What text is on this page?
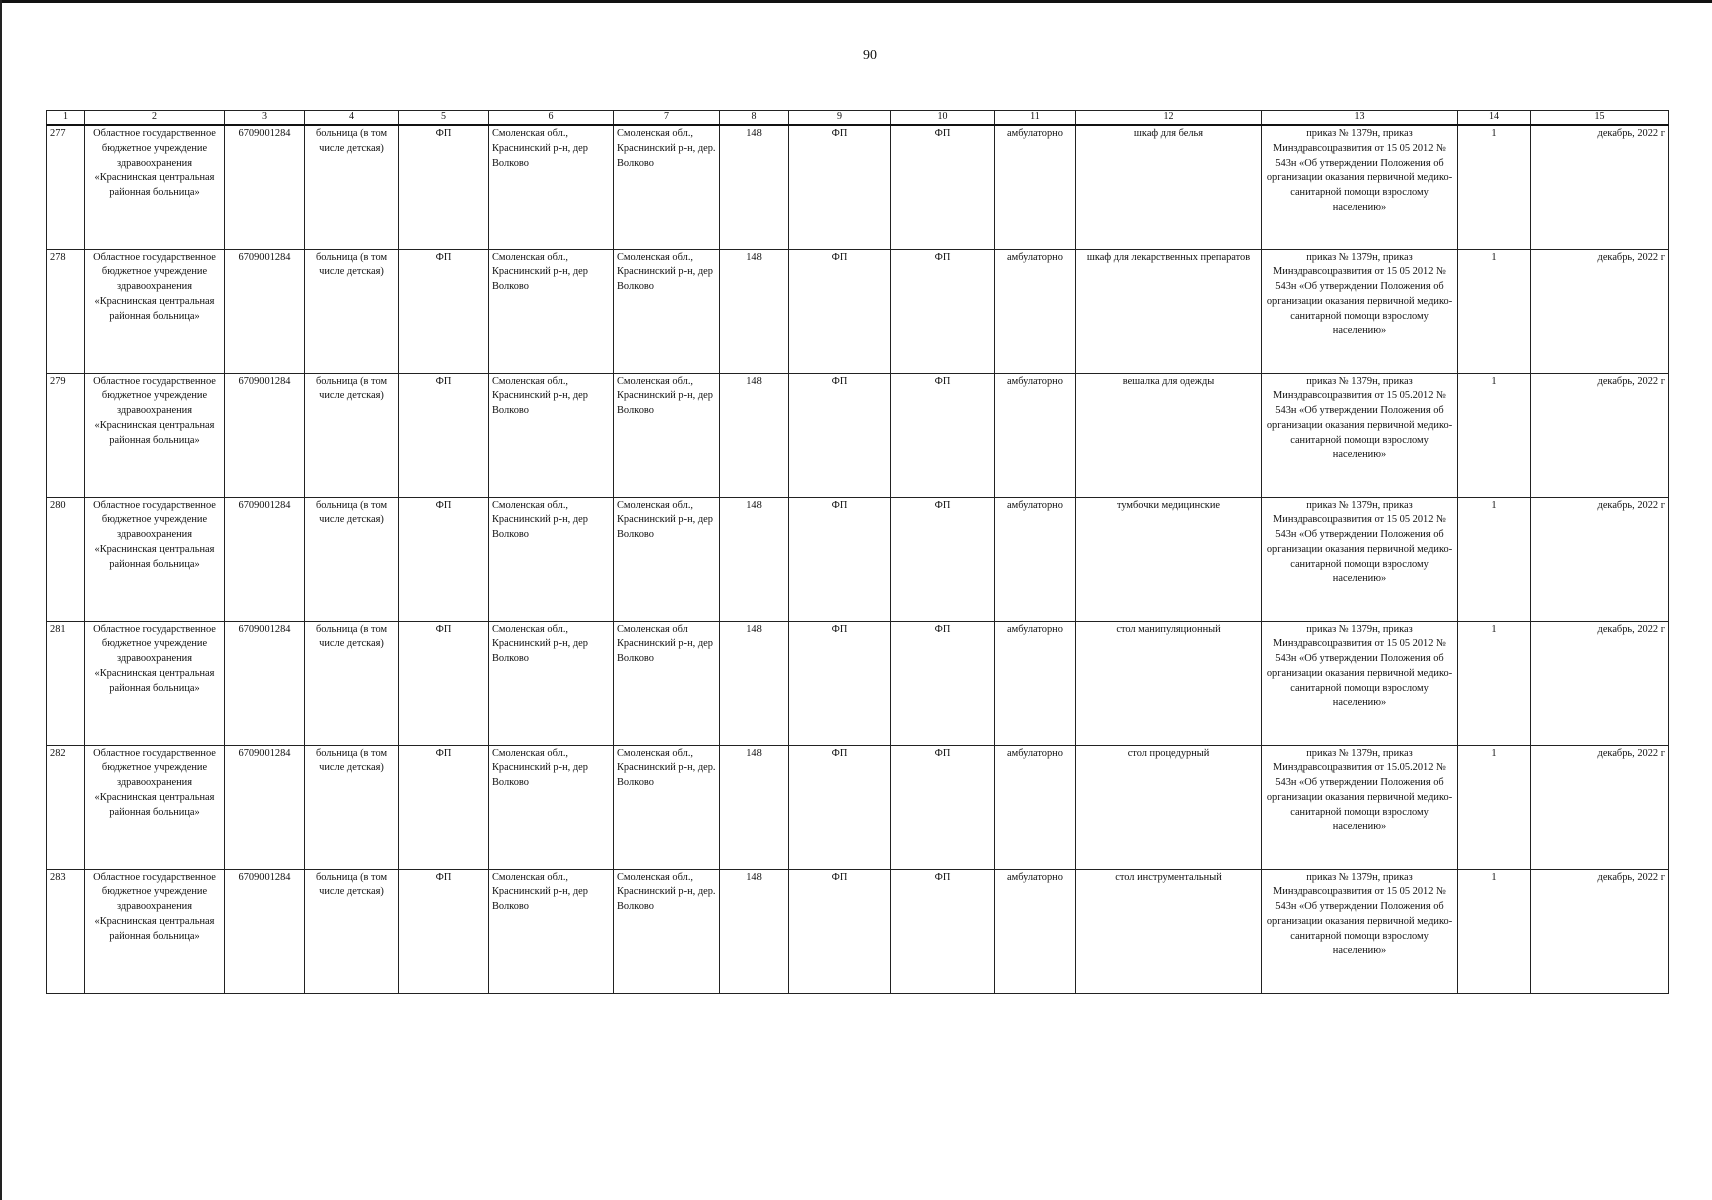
90
1	2	3	4	5	6	7	8	9	10	11	12	13	14	15
277	Областное государственное бюджетное учреждение здравоохранения «Краснинская центральная районная больница»	6709001284	больница (в том числе детская)	ФП	Смоленская обл., Краснинский р-н, дер Волково	Смоленская обл., Краснинский р-н, дер. Волково	148	ФП	ФП	амбулаторно	шкаф для белья	приказ № 1379н, приказ Минздравсоцразвития от 15 05 2012 № 543н «Об утверждении Положения об организации оказания первичной медико-санитарной помощи взрослому населению»	1	декабрь, 2022 г
278	Областное государственное бюджетное учреждение здравоохранения «Краснинская центральная районная больница»	6709001284	больница (в том числе детская)	ФП	Смоленская обл., Краснинский р-н, дер Волково	Смоленская обл., Краснинский р-н, дер Волково	148	ФП	ФП	амбулаторно	шкаф для лекарственных препаратов	приказ № 1379н, приказ Минздравсоцразвития от 15 05 2012 № 543н «Об утверждении Положения об организации оказания первичной медико-санитарной помощи взрослому населению»	1	декабрь, 2022 г
279	Областное государственное бюджетное учреждение здравоохранения «Краснинская центральная районная больница»	6709001284	больница (в том числе детская)	ФП	Смоленская обл., Краснинский р-н, дер Волково	Смоленская обл., Краснинский р-н, дер Волково	148	ФП	ФП	амбулаторно	вешалка для одежды	приказ № 1379н, приказ Минздравсоцразвития от 15 05.2012 № 543н «Об утверждении Положения об организации оказания первичной медико-санитарной помощи взрослому населению»	1	декабрь, 2022 г
280	Областное государственное бюджетное учреждение здравоохранения «Краснинская центральная районная больница»	6709001284	больница (в том числе детская)	ФП	Смоленская обл., Краснинский р-н, дер Волково	Смоленская обл., Краснинский р-н, дер Волково	148	ФП	ФП	амбулаторно	тумбочки медицинские	приказ № 1379н, приказ Минздравсоцразвития от 15 05 2012 № 543н «Об утверждении Положения об организации оказания первичной медико-санитарной помощи взрослому населению»	1	декабрь, 2022 г
281	Областное государственное бюджетное учреждение здравоохранения «Краснинская центральная районная больница»	6709001284	больница (в том числе детская)	ФП	Смоленская обл., Краснинский р-н, дер Волково	Смоленская обл Краснинский р-н, дер Волково	148	ФП	ФП	амбулаторно	стол манипуляционный	приказ № 1379н, приказ Минздравсоцразвития от 15 05 2012 № 543н «Об утверждении Положения об организации оказания первичной медико-санитарной помощи взрослому населению»	1	декабрь, 2022 г
282	Областное государственное бюджетное учреждение здравоохранения «Краснинская центральная районная больница»	6709001284	больница (в том числе детская)	ФП	Смоленская обл., Краснинский р-н, дер Волково	Смоленская обл., Краснинский р-н, дер. Волково	148	ФП	ФП	амбулаторно	стол процедурный	приказ № 1379н, приказ Минздравсоцразвития от 15.05.2012 № 543н «Об утверждении Положения об организации оказания первичной медико-санитарной помощи взрослому населению»	1	декабрь, 2022 г
283	Областное государственное бюджетное учреждение здравоохранения «Краснинская центральная районная больница»	6709001284	больница (в том числе детская)	ФП	Смоленская обл., Краснинский р-н, дер Волково	Смоленская обл., Краснинский р-н, дер. Волково	148	ФП	ФП	амбулаторно	стол инструментальный	приказ № 1379н, приказ Минздравсоцразвития от 15 05 2012 № 543н «Об утверждении Положения об организации оказания первичной медико-санитарной помощи взрослому населению»	1	декабрь, 2022 г
